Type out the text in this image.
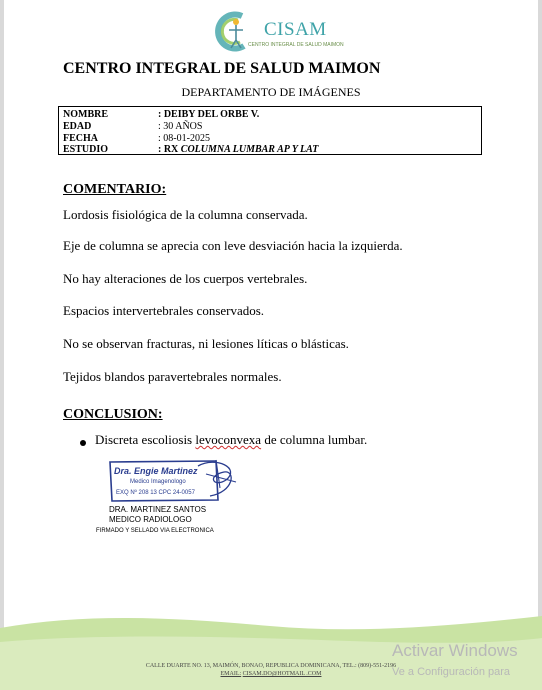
CISAM
CENTRO INTEGRAL DE SALUD MAIMON
CENTRO INTEGRAL DE SALUD MAIMON
DEPARTAMENTO DE IMÁGENES
NOMBRE	: DEIBY DEL ORBE V.
EDAD	: 30 AÑOS
FECHA	: 08-01-2025
ESTUDIO	: RX COLUMNA LUMBAR AP Y LAT
COMENTARIO:
Lordosis fisiológica de la columna conservada.
Eje de columna se aprecia con leve desviación hacia la izquierda.
No hay alteraciones de los cuerpos vertebrales.
Espacios intervertebrales conservados.
No se observan fracturas, ni lesiones líticas o blásticas.
Tejidos blandos paravertebrales normales.
CONCLUSION:
Discreta escoliosis levoconvexa de columna lumbar.
Dra. Engie Martinez
Medico Imagenologo
EXQ Nº 208 13 CPC 24-0057
DRA. MARTINEZ SANTOS
MEDICO RADIOLOGO
FIRMADO Y SELLADO VIA ELECTRONICA
CALLE DUARTE NO. 13, MAIMÓN, BONAO, REPUBLICA DOMINICANA, TEL.: (809)-551-2196
EMAIL: CISAM.DO@HOTMAIL .COM
Activar Windows
Ve a Configuración para
